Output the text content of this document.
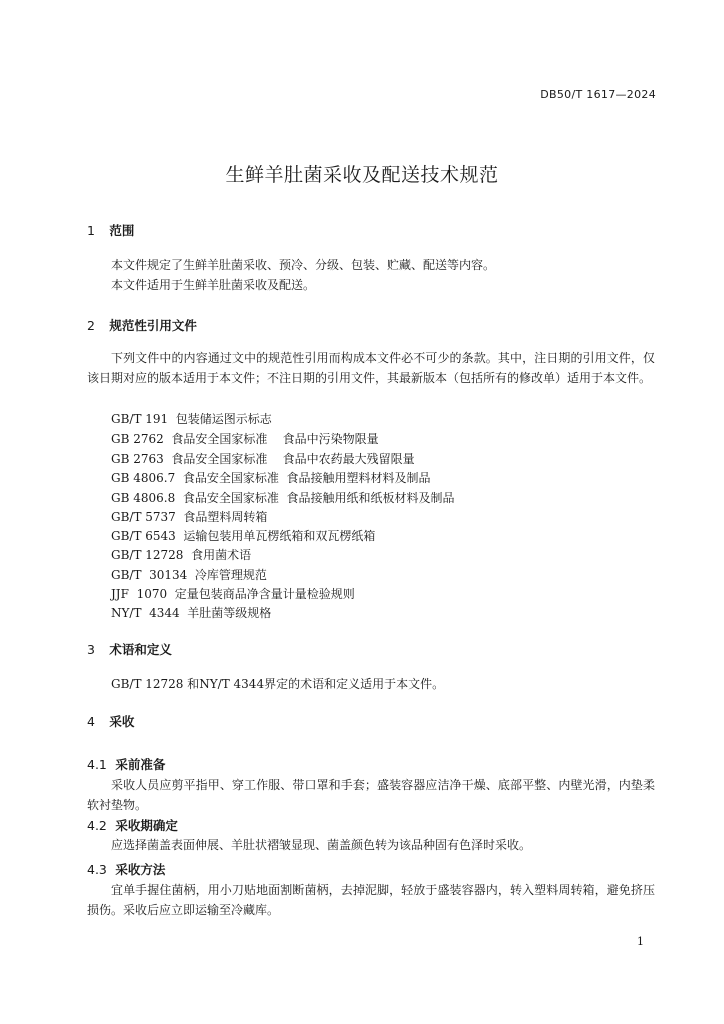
DB50/T 1617—2024
生鲜羊肚菌采收及配送技术规范
1 范围
本文件规定了生鲜羊肚菌采收、预冷、分级、包装、贮藏、配送等内容。
本文件适用于生鲜羊肚菌采收及配送。
2 规范性引用文件
下列文件中的内容通过文中的规范性引用而构成本文件必不可少的条款。其中，注日期的引用文件，仅该日期对应的版本适用于本文件；不注日期的引用文件，其最新版本（包括所有的修改单）适用于本文件。
GB/T 191  包装储运图示标志
GB 2762  食品安全国家标准    食品中污染物限量
GB 2763  食品安全国家标准    食品中农药最大残留限量
GB 4806.7  食品安全国家标准  食品接触用塑料材料及制品
GB 4806.8  食品安全国家标准  食品接触用纸和纸板材料及制品
GB/T 5737  食品塑料周转箱
GB/T 6543  运输包装用单瓦楞纸箱和双瓦楞纸箱
GB/T 12728  食用菌术语
GB/T  30134  冷库管理规范
JJF  1070  定量包装商品净含量计量检验规则
NY/T  4344  羊肚菌等级规格
3 术语和定义
GB/T 12728 和NY/T 4344界定的术语和定义适用于本文件。
4 采收
4.1 采前准备
采收人员应剪平指甲、穿工作服、带口罩和手套；盛装容器应洁净干燥、底部平整、内壁光滑，内垫柔软衬垫物。
4.2 采收期确定
应选择菌盖表面伸展、羊肚状褶皱显现、菌盖颜色转为该品种固有色泽时采收。
4.3 采收方法
宜单手握住菌柄，用小刀贴地面割断菌柄，去掉泥脚，轻放于盛装容器内，转入塑料周转箱，避免挤压损伤。采收后应立即运输至冷藏库。
1
